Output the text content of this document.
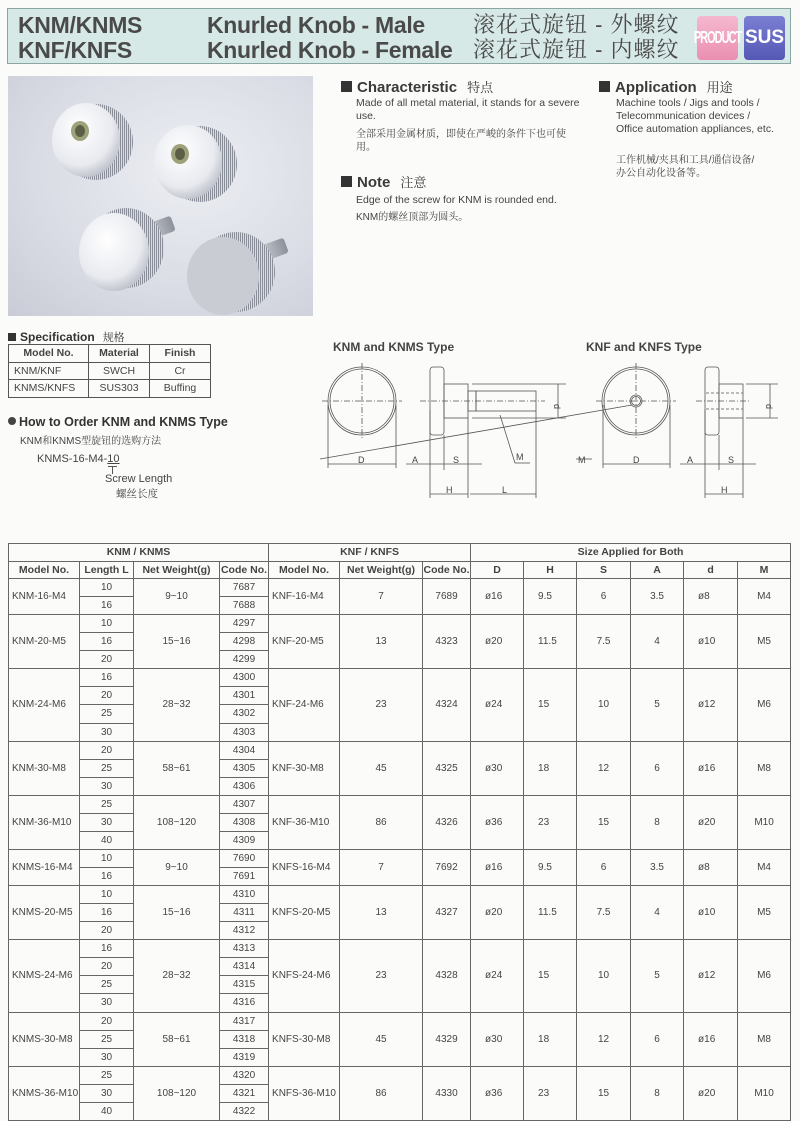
KNM/KNMS
KNF/KNFS
Knurled Knob - Male
Knurled Knob - Female
滚花式旋钮 - 外螺纹
滚花式旋钮 - 内螺纹 PRODUCT SUS
Characteristic 特点
Made of all metal material, it stands for a severe use.
全部采用金属材质，即使在严峻的条件下也可使用。
Note 注意
Edge of the screw for KNM is rounded end.
KNM的螺丝顶部为圆头。
Application 用途
Machine tools / Jigs and tools /
Telecommunication devices /
Office automation appliances, etc.
工作机械/夹具和工具/通信设备/
办公自动化设备等。
Specification 规格
Model No.	Material	Finish
KNM/KNF	SWCH	Cr
KNMS/KNFS	SUS303	Buffing
How to Order KNM and KNMS Type
KNM和KNMS型旋钮的选购方法
KNMS-16-M4-10
Screw Length
螺丝长度
KNM and KNMS Type	KNF and KNFS Type
D	A	S
H	L
M
d
M	D	A	S
H
d
KNM / KNMS				KNF / KNFS			Size Applied for Both					
Model No.	Length L	Net Weight(g)	Code No.	Model No.	Net Weight(g)	Code No.	D	H	S	A	d	M
KNM-16-M4	10	9~10	7687	KNF-16-M4	7	7689	ø16	9.5	6	3.5	ø8	M4
	16		7688									
KNM-20-M5	10	15~16	4297	KNF-20-M5	13	4323	ø20	11.5	7.5	4	ø10	M5
	16		4298									
	20		4299									
KNM-24-M6	16	28~32	4300	KNF-24-M6	23	4324	ø24	15	10	5	ø12	M6
	20		4301									
	25		4302									
	30		4303									
KNM-30-M8	20	58~61	4304	KNF-30-M8	45	4325	ø30	18	12	6	ø16	M8
	25		4305									
	30		4306									
KNM-36-M10	25	108~120	4307	KNF-36-M10	86	4326	ø36	23	15	8	ø20	M10
	30		4308									
	40		4309									
KNMS-16-M4	10	9~10	7690	KNFS-16-M4	7	7692	ø16	9.5	6	3.5	ø8	M4
	16		7691									
KNMS-20-M5	10	15~16	4310	KNFS-20-M5	13	4327	ø20	11.5	7.5	4	ø10	M5
	16		4311									
	20		4312									
KNMS-24-M6	16	28~32	4313	KNFS-24-M6	23	4328	ø24	15	10	5	ø12	M6
	20		4314									
	25		4315									
	30		4316									
KNMS-30-M8	20	58~61	4317	KNFS-30-M8	45	4329	ø30	18	12	6	ø16	M8
	25		4318									
	30		4319									
KNMS-36-M10	25	108~120	4320	KNFS-36-M10	86	4330	ø36	23	15	8	ø20	M10
	30		4321									
	40		4322									
